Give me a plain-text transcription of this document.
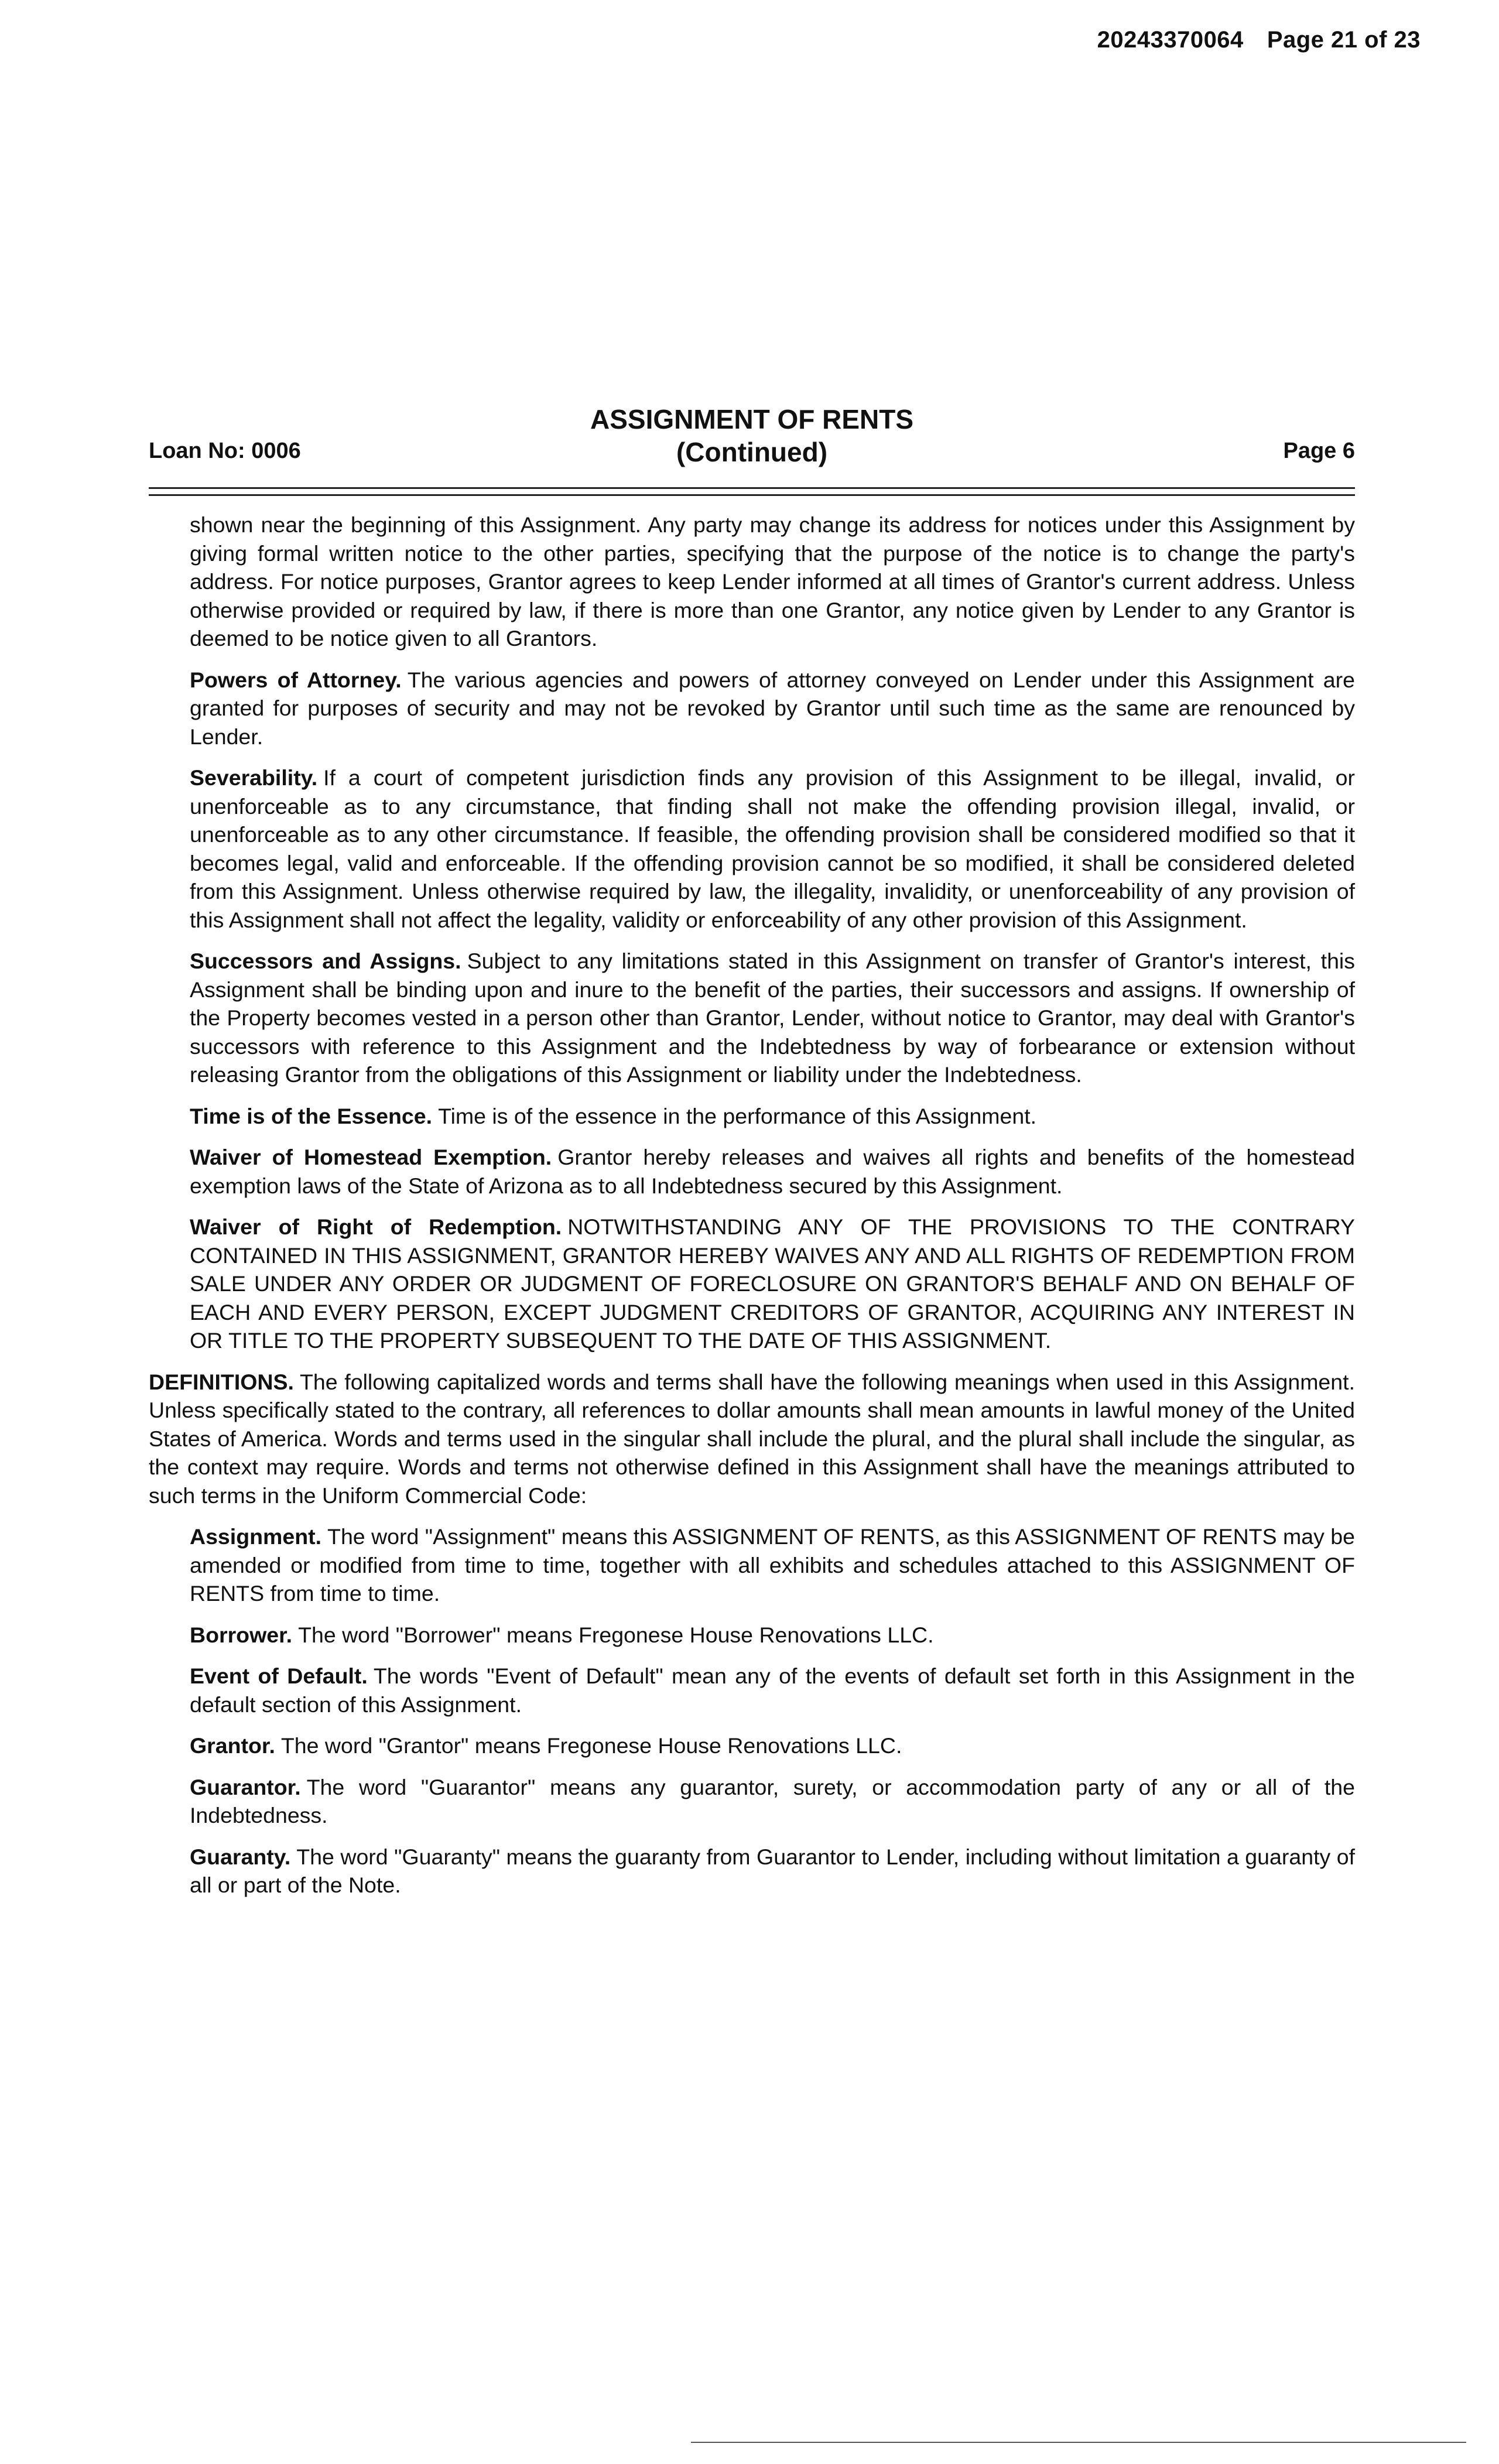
20243370064 Page 21 of 23
Loan No: 0006
ASSIGNMENT OF RENTS
(Continued)	Page 6

shown near the beginning of this Assignment. Any party may change its address for notices under this Assignment by giving formal written notice to the other parties, specifying that the purpose of the notice is to change the party's address. For notice purposes, Grantor agrees to keep Lender informed at all times of Grantor's current address. Unless otherwise provided or required by law, if there is more than one Grantor, any notice given by Lender to any Grantor is deemed to be notice given to all Grantors.

Powers of Attorney. The various agencies and powers of attorney conveyed on Lender under this Assignment are granted for purposes of security and may not be revoked by Grantor until such time as the same are renounced by Lender.

Severability. If a court of competent jurisdiction finds any provision of this Assignment to be illegal, invalid, or unenforceable as to any circumstance, that finding shall not make the offending provision illegal, invalid, or unenforceable as to any other circumstance. If feasible, the offending provision shall be considered modified so that it becomes legal, valid and enforceable. If the offending provision cannot be so modified, it shall be considered deleted from this Assignment. Unless otherwise required by law, the illegality, invalidity, or unenforceability of any provision of this Assignment shall not affect the legality, validity or enforceability of any other provision of this Assignment.

Successors and Assigns. Subject to any limitations stated in this Assignment on transfer of Grantor's interest, this Assignment shall be binding upon and inure to the benefit of the parties, their successors and assigns. If ownership of the Property becomes vested in a person other than Grantor, Lender, without notice to Grantor, may deal with Grantor's successors with reference to this Assignment and the Indebtedness by way of forbearance or extension without releasing Grantor from the obligations of this Assignment or liability under the Indebtedness.

Time is of the Essence. Time is of the essence in the performance of this Assignment.

Waiver of Homestead Exemption. Grantor hereby releases and waives all rights and benefits of the homestead exemption laws of the State of Arizona as to all Indebtedness secured by this Assignment.

Waiver of Right of Redemption. NOTWITHSTANDING ANY OF THE PROVISIONS TO THE CONTRARY CONTAINED IN THIS ASSIGNMENT, GRANTOR HEREBY WAIVES ANY AND ALL RIGHTS OF REDEMPTION FROM SALE UNDER ANY ORDER OR JUDGMENT OF FORECLOSURE ON GRANTOR'S BEHALF AND ON BEHALF OF EACH AND EVERY PERSON, EXCEPT JUDGMENT CREDITORS OF GRANTOR, ACQUIRING ANY INTEREST IN OR TITLE TO THE PROPERTY SUBSEQUENT TO THE DATE OF THIS ASSIGNMENT.

DEFINITIONS. The following capitalized words and terms shall have the following meanings when used in this Assignment. Unless specifically stated to the contrary, all references to dollar amounts shall mean amounts in lawful money of the United States of America. Words and terms used in the singular shall include the plural, and the plural shall include the singular, as the context may require. Words and terms not otherwise defined in this Assignment shall have the meanings attributed to such terms in the Uniform Commercial Code:

Assignment. The word "Assignment" means this ASSIGNMENT OF RENTS, as this ASSIGNMENT OF RENTS may be amended or modified from time to time, together with all exhibits and schedules attached to this ASSIGNMENT OF RENTS from time to time.

Borrower. The word "Borrower" means Fregonese House Renovations LLC.

Event of Default. The words "Event of Default" mean any of the events of default set forth in this Assignment in the default section of this Assignment.

Grantor. The word "Grantor" means Fregonese House Renovations LLC.

Guarantor. The word "Guarantor" means any guarantor, surety, or accommodation party of any or all of the Indebtedness.

Guaranty. The word "Guaranty" means the guaranty from Guarantor to Lender, including without limitation a guaranty of all or part of the Note.
